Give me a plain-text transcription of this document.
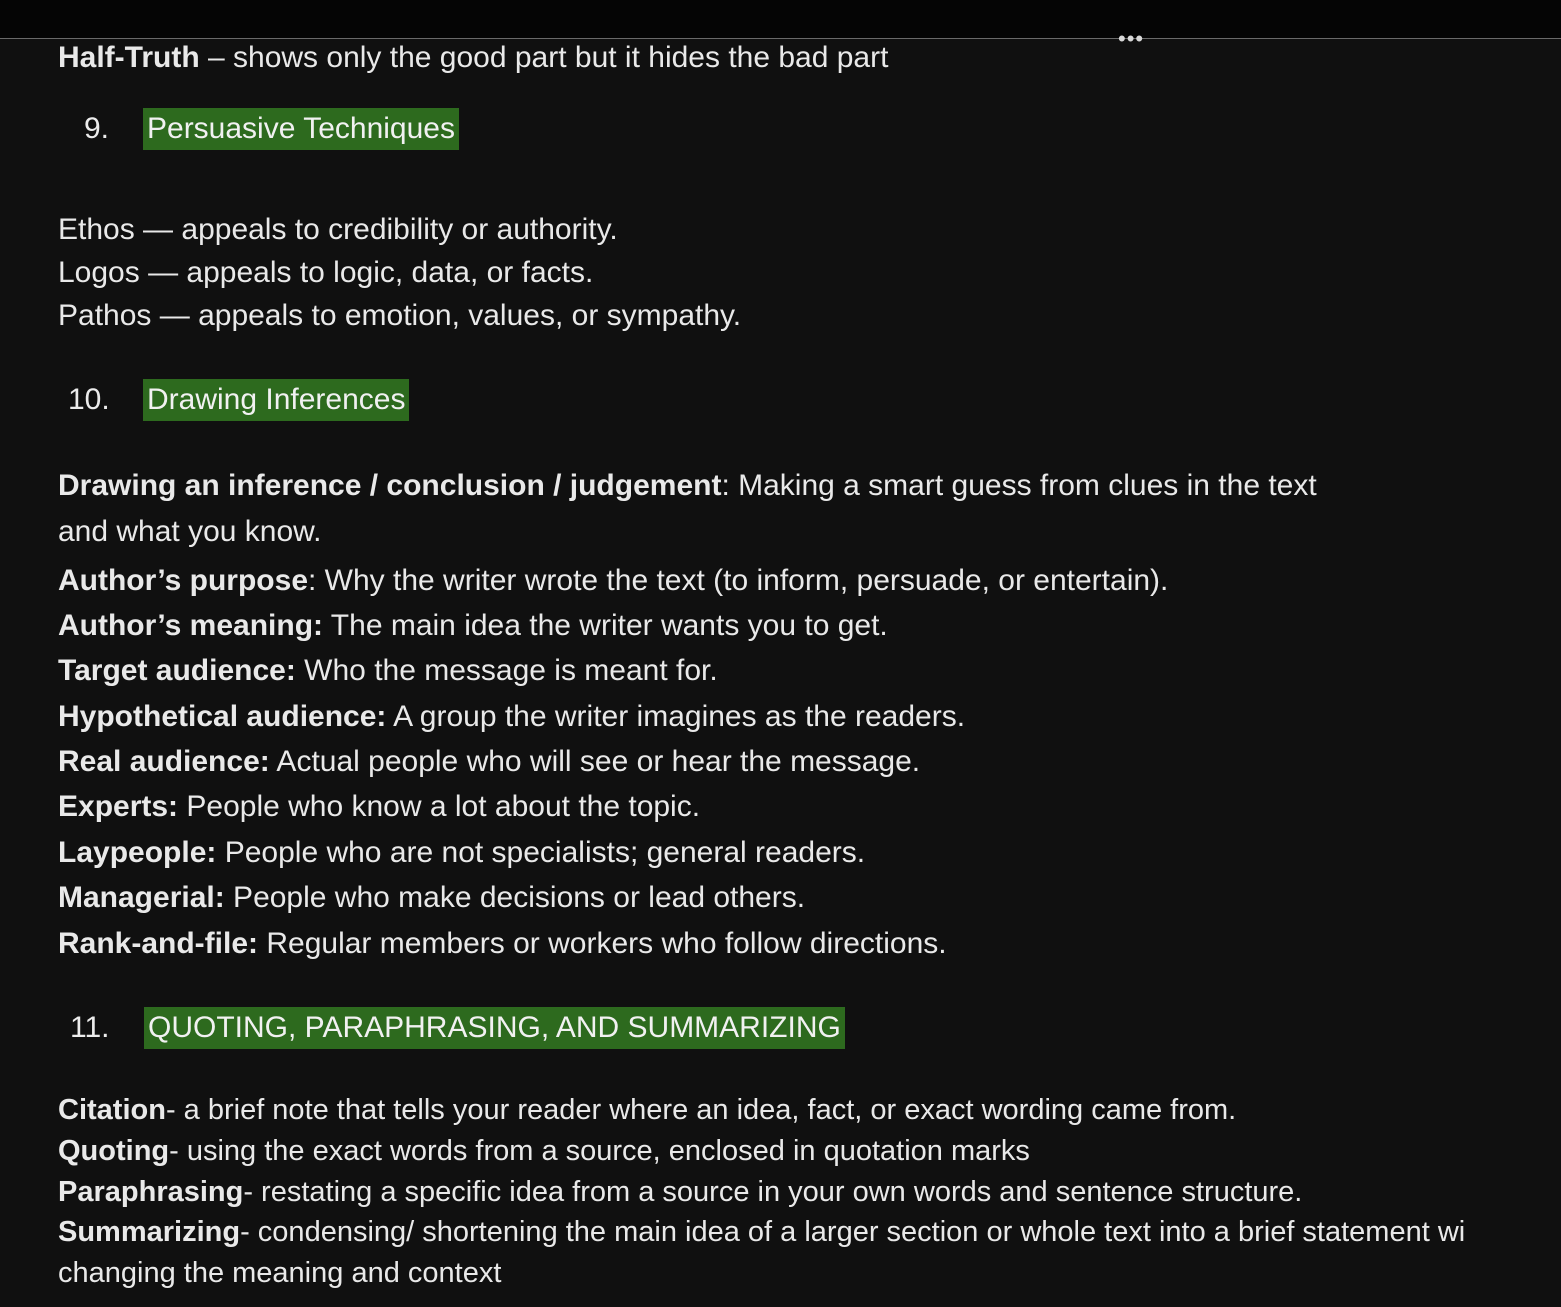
•••
Half-Truth – shows only the good part but it hides the bad part
9. Persuasive Techniques
Ethos — appeals to credibility or authority.
Logos — appeals to logic, data, or facts.
Pathos — appeals to emotion, values, or sympathy.
10. Drawing Inferences
Drawing an inference / conclusion / judgement: Making a smart guess from clues in the text
and what you know.
Author’s purpose: Why the writer wrote the text (to inform, persuade, or entertain).
Author’s meaning: The main idea the writer wants you to get.
Target audience: Who the message is meant for.
Hypothetical audience: A group the writer imagines as the readers.
Real audience: Actual people who will see or hear the message.
Experts: People who know a lot about the topic.
Laypeople: People who are not specialists; general readers.
Managerial: People who make decisions or lead others.
Rank-and-file: Regular members or workers who follow directions.
11. QUOTING, PARAPHRASING, AND SUMMARIZING
Citation- a brief note that tells your reader where an idea, fact, or exact wording came from.
Quoting- using the exact words from a source, enclosed in quotation marks
Paraphrasing- restating a specific idea from a source in your own words and sentence structure.
Summarizing- condensing/ shortening the main idea of a larger section or whole text into a brief statement wi
changing the meaning and context
